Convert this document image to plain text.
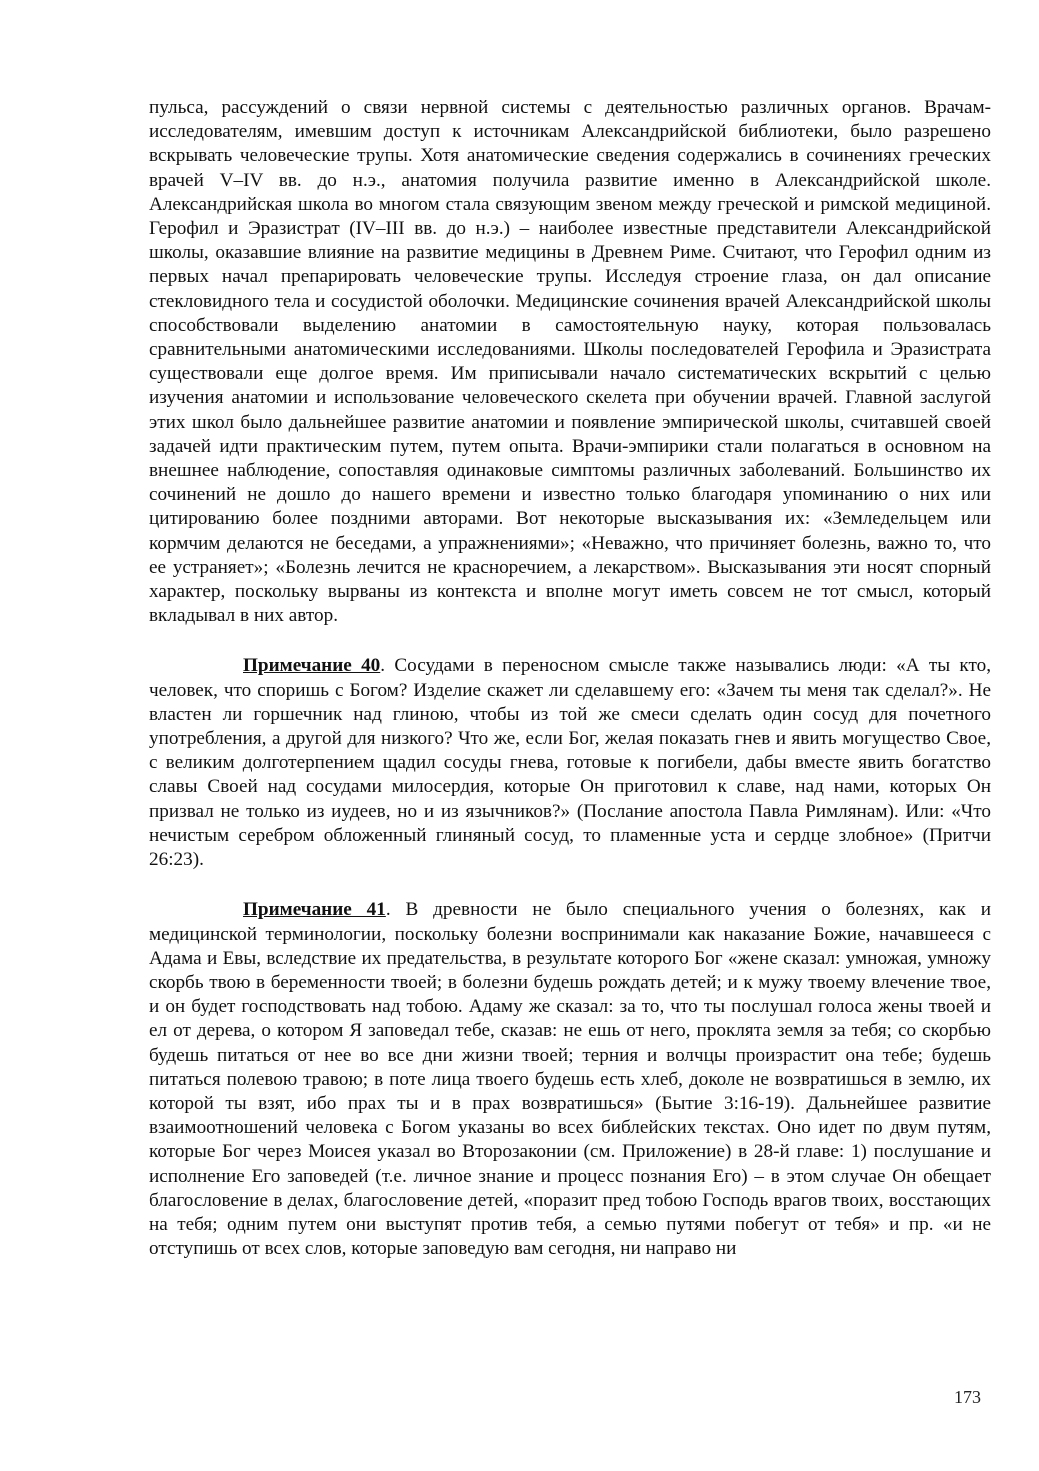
пульса, рассуждений о связи нервной системы с деятельностью различных органов. Врачам-исследователям, имевшим доступ к источникам Александрийской библиотеки, было разрешено вскрывать человеческие трупы. Хотя анатомические сведения содержались в сочинениях греческих врачей V–IV вв. до н.э., анатомия получила развитие именно в Александрийской школе. Александрийская школа во многом стала связующим звеном между греческой и римской медициной. Герофил и Эразистрат (IV–III вв. до н.э.) – наиболее известные представители Александрийской школы, оказавшие влияние на развитие медицины в Древнем Риме. Считают, что Герофил одним из первых начал препарировать человеческие трупы. Исследуя строение глаза, он дал описание стекловидного тела и сосудистой оболочки. Медицинские сочинения врачей Александрийской школы способствовали выделению анатомии в самостоятельную науку, которая пользовалась сравнительными анатомическими исследованиями. Школы последователей Герофила и Эразистрата существовали еще долгое время. Им приписывали начало систематических вскрытий с целью изучения анатомии и использование человеческого скелета при обучении врачей. Главной заслугой этих школ было дальнейшее развитие анатомии и появление эмпирической школы, считавшей своей задачей идти практическим путем, путем опыта. Врачи-эмпирики стали полагаться в основном на внешнее наблюдение, сопоставляя одинаковые симптомы различных заболеваний. Большинство их сочинений не дошло до нашего времени и известно только благодаря упоминанию о них или цитированию более поздними авторами. Вот некоторые высказывания их: «Земледельцем или кормчим делаются не беседами, а упражнениями»; «Неважно, что причиняет болезнь, важно то, что ее устраняет»; «Болезнь лечится не красноречием, а лекарством». Высказывания эти носят спорный характер, поскольку вырваны из контекста и вполне могут иметь совсем не тот смысл, который вкладывал в них автор.

Примечание 40. Сосудами в переносном смысле также назывались люди: «А ты кто, человек, что споришь с Богом? Изделие скажет ли сделавшему его: «Зачем ты меня так сделал?». Не властен ли горшечник над глиною, чтобы из той же смеси сделать один сосуд для почетного употребления, а другой для низкого? Что же, если Бог, желая показать гнев и явить могущество Свое, с великим долготерпением щадил сосуды гнева, готовые к погибели, дабы вместе явить богатство славы Своей над сосудами милосердия, которые Он приготовил к славе, над нами, которых Он призвал не только из иудеев, но и из язычников?» (Послание апостола Павла Римлянам). Или: «Что нечистым серебром обложенный глиняный сосуд, то пламенные уста и сердце злобное» (Притчи 26:23).

Примечание 41. В древности не было специального учения о болезнях, как и медицинской терминологии, поскольку болезни воспринимали как наказание Божие, начавшееся с Адама и Евы, вследствие их предательства, в результате которого Бог «жене сказал: умножая, умножу скорбь твою в беременности твоей; в болезни будешь рождать детей; и к мужу твоему влечение твое, и он будет господствовать над тобою. Адаму же сказал: за то, что ты послушал голоса жены твоей и ел от дерева, о котором Я заповедал тебе, сказав: не ешь от него, проклята земля за тебя; со скорбью будешь питаться от нее во все дни жизни твоей; терния и волчцы произрастит она тебе; будешь питаться полевою травою; в поте лица твоего будешь есть хлеб, доколе не возвратишься в землю, их которой ты взят, ибо прах ты и в прах возвратишься» (Бытие 3:16-19). Дальнейшее развитие взаимоотношений человека с Богом указаны во всех библейских текстах. Оно идет по двум путям, которые Бог через Моисея указал во Второзаконии (см. Приложение) в 28-й главе: 1) послушание и исполнение Его заповедей (т.е. личное знание и процесс познания Его) – в этом случае Он обещает благословение в делах, благословение детей, «поразит пред тобою Господь врагов твоих, восстающих на тебя; одним путем они выступят против тебя, а семью путями побегут от тебя» и пр. «и не отступишь от всех слов, которые заповедую вам сегодня, ни направо ни

173
